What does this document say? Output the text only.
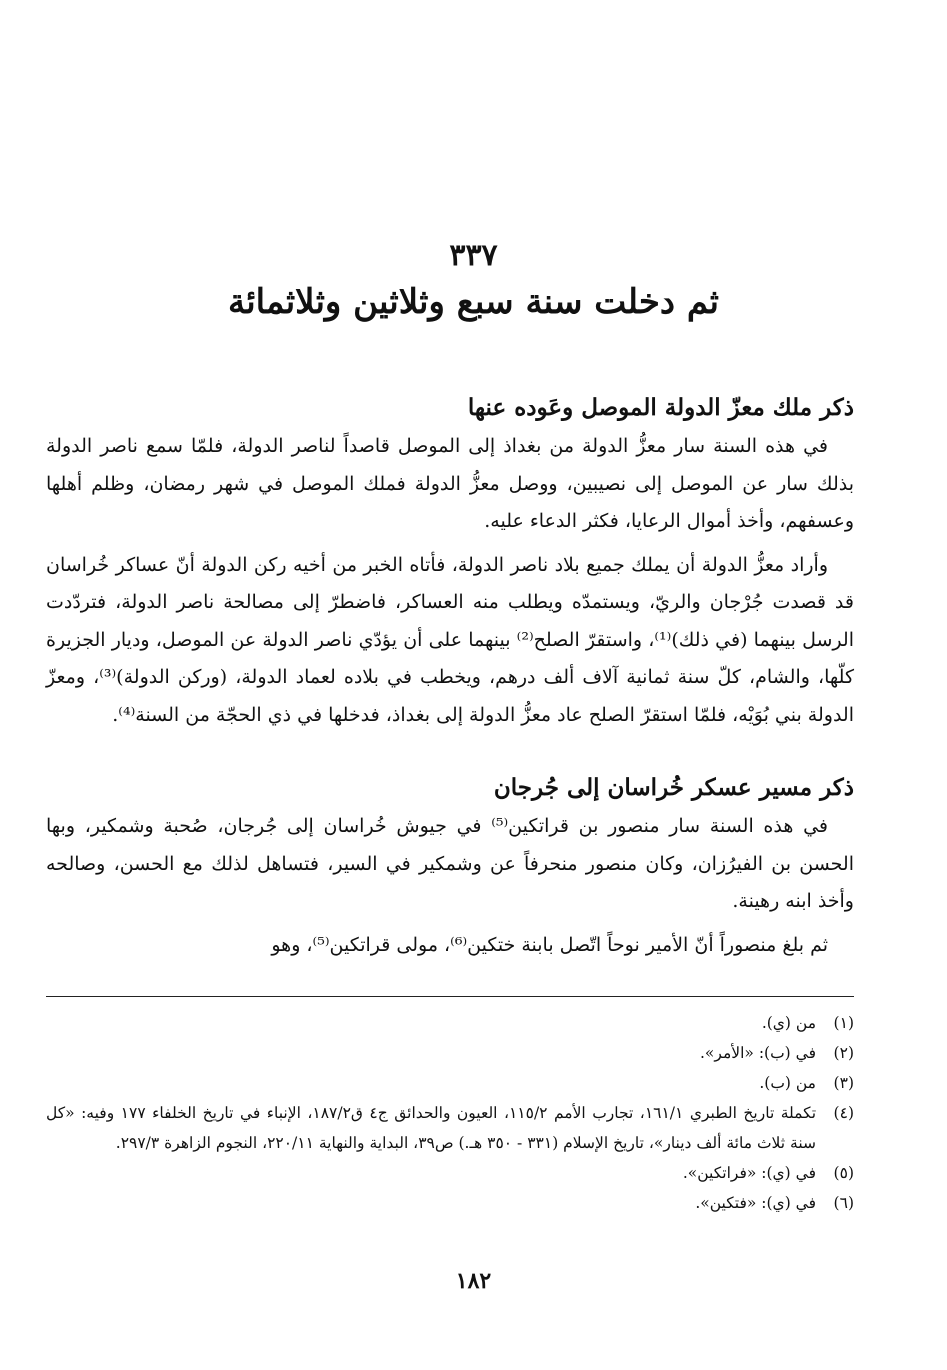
٣٣٧
ثم دخلت سنة سبع وثلاثين وثلاثمائة

ذكر ملك معزّ الدولة الموصل وعَوده عنها

في هذه السنة سار معزُّ الدولة من بغداذ إلى الموصل قاصداً لناصر الدولة، فلمّا سمع ناصر الدولة بذلك سار عن الموصل إلى نصيبين، ووصل معزُّ الدولة فملك الموصل في شهر رمضان، وظلم أهلها وعسفهم، وأخذ أموال الرعايا، فكثر الدعاء عليه.

وأراد معزُّ الدولة أن يملك جميع بلاد ناصر الدولة، فأتاه الخبر من أخيه ركن الدولة أنّ عساكر خُراسان قد قصدت جُرْجان والريّ، ويستمدّه ويطلب منه العساكر، فاضطرّ إلى مصالحة ناصر الدولة، فتردّدت الرسل بينهما (في ذلك)⁽¹⁾، واستقرّ الصلح⁽²⁾ بينهما على أن يؤدّي ناصر الدولة عن الموصل، وديار الجزيرة كلّها، والشام، كلّ سنة ثمانية آلاف ألف درهم، ويخطب في بلاده لعماد الدولة، (وركن الدولة)⁽³⁾، ومعزّ الدولة بني بُوَيْه، فلمّا استقرّ الصلح عاد معزُّ الدولة إلى بغداذ، فدخلها في ذي الحجّة من السنة⁽⁴⁾.

ذكر مسير عسكر خُراسان إلى جُرجان

في هذه السنة سار منصور بن قراتكين⁽⁵⁾ في جيوش خُراسان إلى جُرجان، صُحبة وشمكير، وبها الحسن بن الفيرُزان، وكان منصور منحرفاً عن وشمكير في السير، فتساهل لذلك مع الحسن، وصالحه وأخذ ابنه رهينة.

ثم بلغ منصوراً أنّ الأمير نوحاً اتّصل بابنة ختكين⁽⁶⁾، مولى قراتكين⁽⁵⁾، وهو

(١)
من (ي).
(٢)
في (ب): «الأمر».
(٣)
من (ب).
(٤)
تكملة تاريخ الطبري ١٦١/١، تجارب الأمم ١١٥/٢، العيون والحدائق ج٤ ق١٨٧/٢، الإنباء في تاريخ الخلفاء ١٧٧ وفيه: «كل سنة ثلاث مائة ألف دينار»، تاريخ الإسلام (٣٣١ - ٣٥٠ هـ.) ص٣٩، البداية والنهاية ٢٢٠/١١، النجوم الزاهرة ٢٩٧/٣.
(٥)
في (ي): «فراتكين».
(٦)
في (ي): «فتكين».
١٨٢
